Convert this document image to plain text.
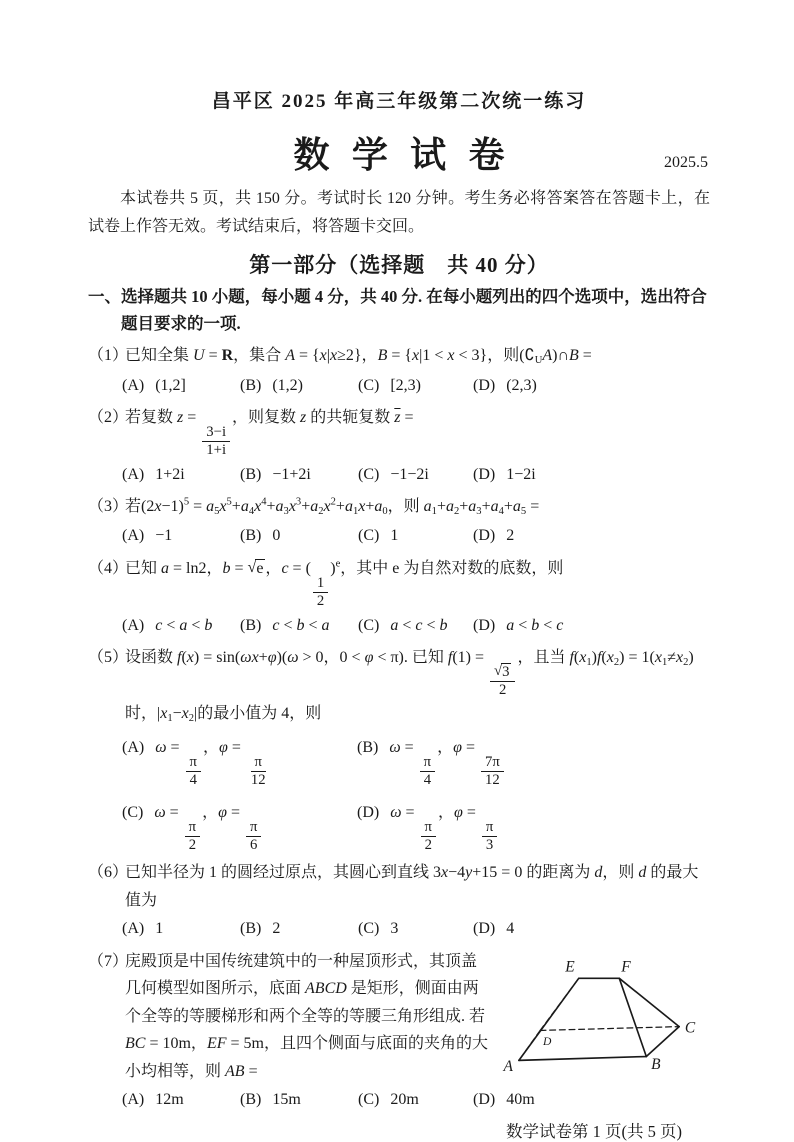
昌平区 2025 年高三年级第二次统一练习
数学试卷	2025.5
本试卷共 5 页，共 150 分。考试时长 120 分钟。考生务必将答案答在答题卡上，在试卷上作答无效。考试结束后，将答题卡交回。
第一部分（选择题　共 40 分）
一、选择题共 10 小题，每小题 4 分，共 40 分. 在每小题列出的四个选项中，选出符合题目要求的一项.
（1）已知全集 U = R，集合 A = {x|x≥2}，B = {x|1 < x < 3}，则$(∁_UA)\cap B$ =
(A) (1,2]	(B) (1,2)	(C) [2,3)	(D) (2,3)
（2）若复数 z =
$\frac{3-i}{1+i}$
，则复数 z 的共轭复数 $\overline{z}$ =
(A) 1+2i	(B) −1+2i	(C) −1−2i	(D) 1−2i
（3）若$(2x-1)^5 = a_5x^5+a_4x^4+a_3x^3+a_2x^2+a_1x+a_0$，则 $a_1+a_2+a_3+a_4+a_5$ =
(A) −1	(B) 0	(C) 1	(D) 2
（4）已知 a = ln2，b = √e ，c = (
$\frac{1}{2}$
)$^e$，其中 e 为自然对数的底数，则
(A) c < a < b	(B) c < b < a	(C) a < c < b	(D) a < b < c
（5）设函数 f(x) = sin(ωx+φ)(ω > 0，0 < φ < π). 已知 f(1) =
$\frac{√ 3}{2}$
，且当 $f(x_1)f(x_2) = 1(x_1\ne x_2)$时，$|x_1-x_2|$的最小值为 4，则
(A) ω =
$\frac{\pi}{4}$
，φ =
$\frac{\pi}{12}$
(B) ω =
$\frac{\pi}{4}$
，φ =
$\frac{7\pi}{12}$
(C) ω =
$\frac{\pi}{2}$
，φ =
$\frac{\pi}{6}$
(D) ω =
$\frac{\pi}{2}$
，φ =
$\frac{\pi}{3}$
（6）已知半径为 1 的圆经过原点，其圆心到直线 3x−4y+15 = 0 的距离为 d，则 d 的最大值为
(A) 1	(B) 2	(C) 3	(D) 4
（7）庑殿顶是中国传统建筑中的一种屋顶形式，其顶盖几何模型如图所示，底面 ABCD 是矩形，侧面由两个全等的等腰梯形和两个全等的等腰三角形组成. 若 BC = 10m，EF = 5m，且四个侧面与底面的夹角的大小均相等，则 AB =
E	F
C
B
A
D
(A) 12m	(B) 15m	(C) 20m	(D) 40m
数学试卷第 1 页(共 5 页)
